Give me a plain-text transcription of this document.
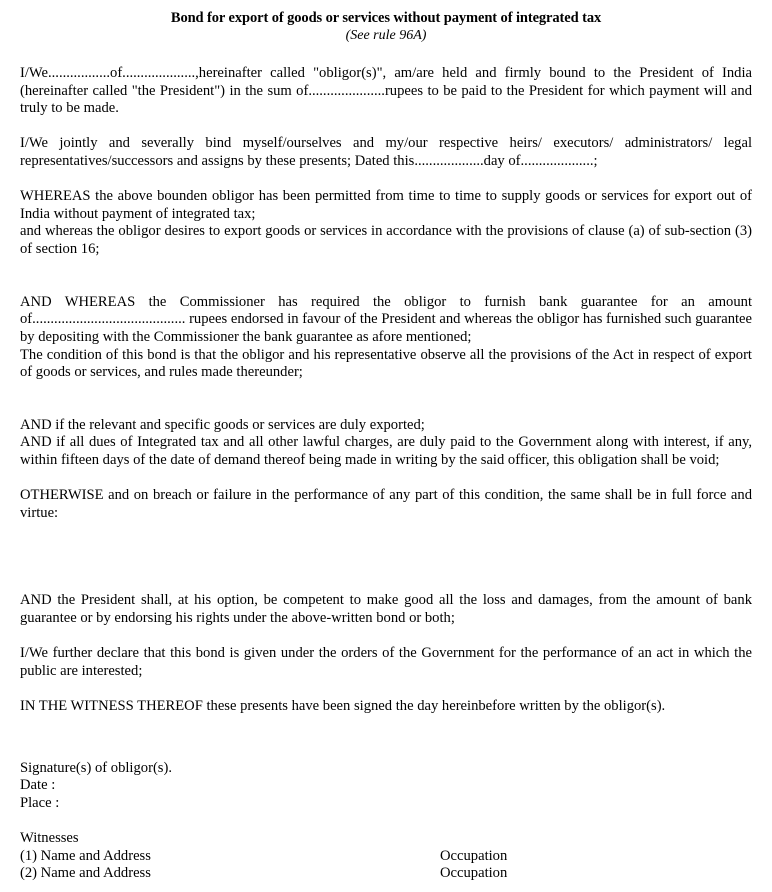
Bond for export of goods or services without payment of integrated tax
(See rule 96A)

I/We.................of....................,hereinafter called "obligor(s)", am/are held and firmly bound to the President of India (hereinafter called "the President") in the sum of.....................rupees to be paid to the President for which payment will and truly to be made.

I/We jointly and severally bind myself/ourselves and my/our respective heirs/ executors/ administrators/ legal representatives/successors and assigns by these presents; Dated this...................day of....................;

WHEREAS the above bounden obligor has been permitted from time to time to supply goods or services for export out of India without payment of integrated tax;

and whereas the obligor desires to export goods or services in accordance with the provisions of clause (a) of sub-section (3) of section 16;

AND WHEREAS the Commissioner has required the obligor to furnish bank guarantee for an amount of.......................................... rupees endorsed in favour of the President and whereas the obligor has furnished such guarantee by depositing with the Commissioner the bank guarantee as afore mentioned;

The condition of this bond is that the obligor and his representative observe all the provisions of the Act in respect of export of goods or services, and rules made thereunder;

AND if the relevant and specific goods or services are duly exported;

AND if all dues of Integrated tax and all other lawful charges, are duly paid to the Government along with interest, if any, within fifteen days of the date of demand thereof being made in writing by the said officer, this obligation shall be void;

OTHERWISE and on breach or failure in the performance of any part of this condition, the same shall be in full force and virtue:

AND the President shall, at his option, be competent to make good all the loss and damages, from the amount of bank guarantee or by endorsing his rights under the above-written bond or both;

I/We further declare that this bond is given under the orders of the Government for the performance of an act in which the public are interested;

IN THE WITNESS THEREOF these presents have been signed the day hereinbefore written by the obligor(s).

Signature(s) of obligor(s).
Date :
Place :
Witnesses
(1) Name and Address	Occupation
(2) Name and Address	Occupation
